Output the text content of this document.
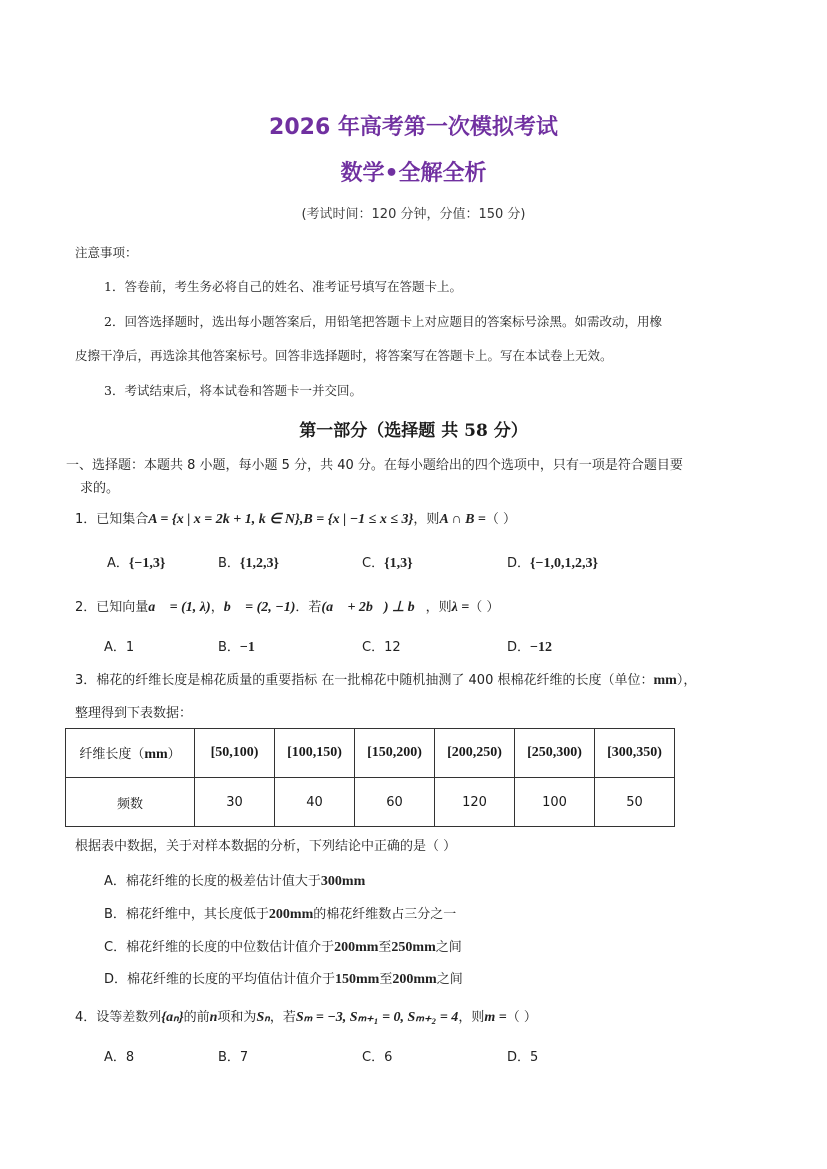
2026 年高考第一次模拟考试
数学•全解全析
(考试时间：120 分钟，分值：150 分)
注意事项：
1．答卷前，考生务必将自己的姓名、准考证号填写在答题卡上。
2．回答选择题时，选出每小题答案后，用铅笔把答题卡上对应题目的答案标号涂黑。如需改动，用橡
皮擦干净后，再选涂其他答案标号。回答非选择题时，将答案写在答题卡上。写在本试卷上无效。
3．考试结束后，将本试卷和答题卡一并交回。
第一部分（选择题 共 58 分）
一、选择题：本题共 8 小题，每小题 5 分，共 40 分。在每小题给出的四个选项中，只有一项是符合题目要
求的。
1．已知集合A = {x | x = 2k + 1, k ∈ N},B = {x | −1 ≤ x ≤ 3}，则A ∩ B =（ ）
A．{−1,3}	B．{1,2,3}	C．{1,3}	D．{−1,0,1,2,3}
2．已知向量a⃗ = (1, λ)，b⃗ = (2, −1)．若(a⃗ + 2b⃗) ⊥ b⃗，则λ =（ ）
A．1	B．−1	C．12	D．−12
3．棉花的纤维长度是棉花质量的重要指标 在一批棉花中随机抽测了 400 根棉花纤维的长度（单位：mm），
整理得到下表数据：
纤维长度（mm）	[50,100)	[100,150)	[150,200)	[200,250)	[250,300)	[300,350)
频数	30	40	60	120	100	50
根据表中数据，关于对样本数据的分析，下列结论中正确的是（ ）
A．棉花纤维的长度的极差估计值大于300mm
B．棉花纤维中，其长度低于200mm的棉花纤维数占三分之一
C．棉花纤维的长度的中位数估计值介于200mm至250mm之间
D．棉花纤维的长度的平均值估计值介于150mm至200mm之间
4．设等差数列{aₙ}的前n项和为Sₙ，若Sₘ = −3, Sₘ₊₁ = 0, Sₘ₊₂ = 4，则m =（ ）
A．8	B．7	C．6	D．5
